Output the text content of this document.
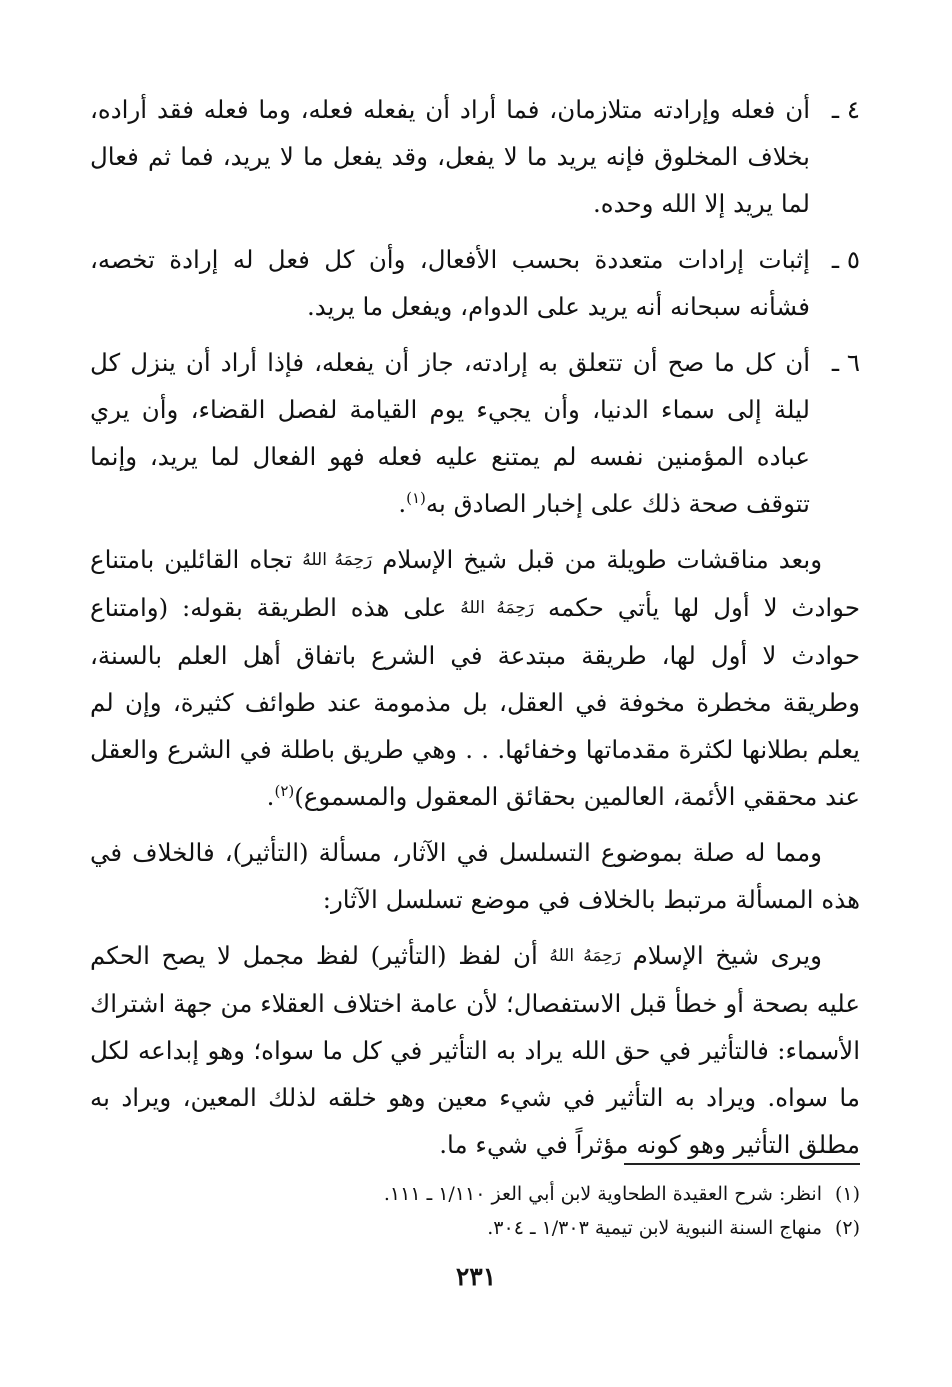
٤ ـ
أن فعله وإرادته متلازمان، فما أراد أن يفعله فعله، وما فعله فقد أراده، بخلاف المخلوق فإنه يريد ما لا يفعل، وقد يفعل ما لا يريد، فما ثم فعال لما يريد إلا الله وحده.
٥ ـ
إثبات إرادات متعددة بحسب الأفعال، وأن كل فعل له إرادة تخصه، فشأنه سبحانه أنه يريد على الدوام، ويفعل ما يريد.
٦ ـ
أن كل ما صح أن تتعلق به إرادته، جاز أن يفعله، فإذا أراد أن ينزل كل ليلة إلى سماء الدنيا، وأن يجيء يوم القيامة لفصل القضاء، وأن يري عباده المؤمنين نفسه لم يمتنع عليه فعله فهو الفعال لما يريد، وإنما تتوقف صحة ذلك على إخبار الصادق به$^{(١)}$.

وبعد مناقشات طويلة من قبل شيخ الإسلام رَحِمَهُ اللهُ تجاه القائلين بامتناع حوادث لا أول لها يأتي حكمه رَحِمَهُ اللهُ على هذه الطريقة بقوله: (وامتناع حوادث لا أول لها، طريقة مبتدعة في الشرع باتفاق أهل العلم بالسنة، وطريقة مخطرة مخوفة في العقل، بل مذمومة عند طوائف كثيرة، وإن لم يعلم بطلانها لكثرة مقدماتها وخفائها. . . وهي طريق باطلة في الشرع والعقل عند محققي الأئمة، العالمين بحقائق المعقول والمسموع)$^{(٢)}$.

ومما له صلة بموضوع التسلسل في الآثار، مسألة (التأثير)، فالخلاف في هذه المسألة مرتبط بالخلاف في موضع تسلسل الآثار:

ويرى شيخ الإسلام رَحِمَهُ اللهُ أن لفظ (التأثير) لفظ مجمل لا يصح الحكم عليه بصحة أو خطأ قبل الاستفصال؛ لأن عامة اختلاف العقلاء من جهة اشتراك الأسماء: فالتأثير في حق الله يراد به التأثير في كل ما سواه؛ وهو إبداعه لكل ما سواه. ويراد به التأثير في شيء معين وهو خلقه لذلك المعين، ويراد به مطلق التأثير وهو كونه مؤثراً في شيء ما.

(١)
انظر: شرح العقيدة الطحاوية لابن أبي العز ١/١١٠ ـ ١١١.
(٢)
منهاج السنة النبوية لابن تيمية ١/٣٠٣ ـ ٣٠٤.
٢٣١
